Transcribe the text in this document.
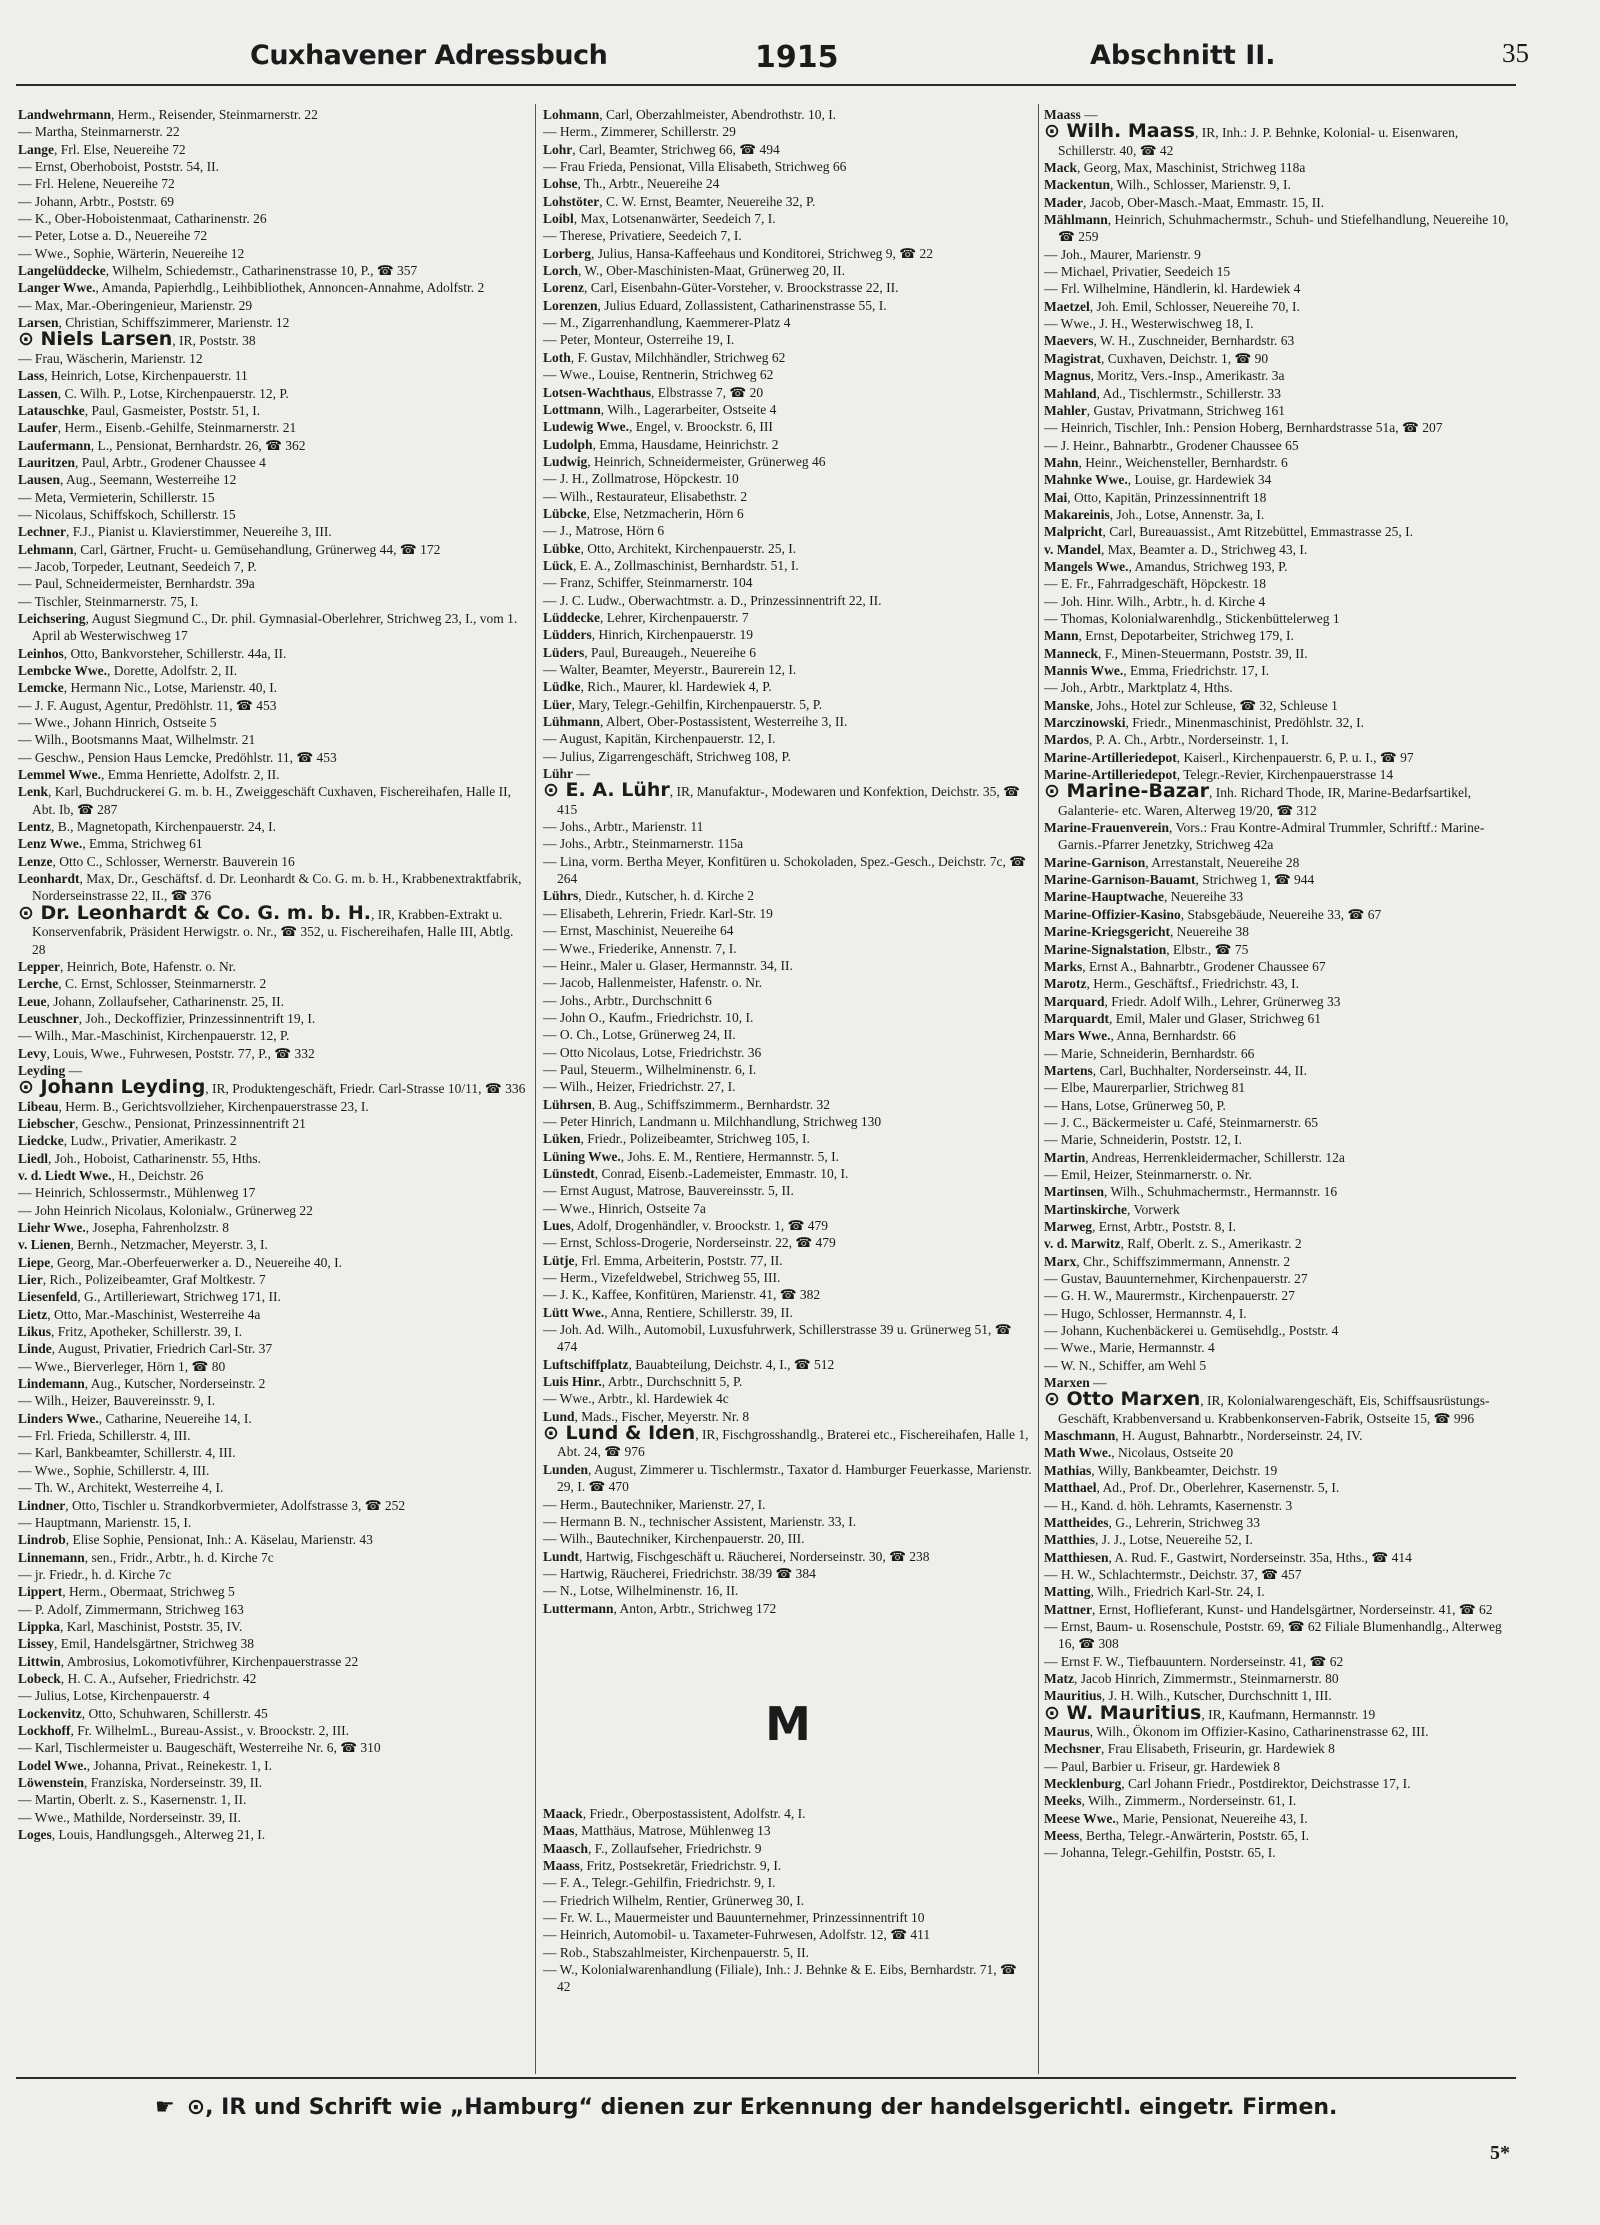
Cuxhavener Adressbuch	1915	Abschnitt II.	35

Landwehrmann, Herm., Reisender, Steinmarnerstr. 22

— Martha, Steinmarnerstr. 22

Lange, Frl. Else, Neuereihe 72

— Ernst, Oberhoboist, Poststr. 54, II.

— Frl. Helene, Neuereihe 72

— Johann, Arbtr., Poststr. 69

— K., Ober-Hoboistenmaat, Catharinenstr. 26

— Peter, Lotse a. D., Neuereihe 72

— Wwe., Sophie, Wärterin, Neuereihe 12

Langelüddecke, Wilhelm, Schiedemstr., Catharinenstrasse 10, P., ☎ 357

Langer Wwe., Amanda, Papierhdlg., Leihbibliothek, Annoncen-Annahme, Adolfstr. 2

— Max, Mar.-Oberingenieur, Marienstr. 29

Larsen, Christian, Schiffszimmerer, Marienstr. 12

⊙ Niels Larsen, IR, Poststr. 38

— Frau, Wäscherin, Marienstr. 12

Lass, Heinrich, Lotse, Kirchenpauerstr. 11

Lassen, C. Wilh. P., Lotse, Kirchenpauerstr. 12, P.

Latauschke, Paul, Gasmeister, Poststr. 51, I.

Laufer, Herm., Eisenb.-Gehilfe, Steinmarnerstr. 21

Laufermann, L., Pensionat, Bernhardstr. 26, ☎ 362

Lauritzen, Paul, Arbtr., Grodener Chaussee 4

Lausen, Aug., Seemann, Westerreihe 12

— Meta, Vermieterin, Schillerstr. 15

— Nicolaus, Schiffskoch, Schillerstr. 15

Lechner, F.J., Pianist u. Klavierstimmer, Neuereihe 3, III.

Lehmann, Carl, Gärtner, Frucht- u. Gemüsehandlung, Grünerweg 44, ☎ 172

— Jacob, Torpeder, Leutnant, Seedeich 7, P.

— Paul, Schneidermeister, Bernhardstr. 39a

— Tischler, Steinmarnerstr. 75, I.

Leichsering, August Siegmund C., Dr. phil. Gymnasial-Oberlehrer, Strichweg 23, I., vom 1. April ab Westerwischweg 17

Leinhos, Otto, Bankvorsteher, Schillerstr. 44a, II.

Lembcke Wwe., Dorette, Adolfstr. 2, II.

Lemcke, Hermann Nic., Lotse, Marienstr. 40, I.

— J. F. August, Agentur, Predöhlstr. 11, ☎ 453

— Wwe., Johann Hinrich, Ostseite 5

— Wilh., Bootsmanns Maat, Wilhelmstr. 21

— Geschw., Pension Haus Lemcke, Predöhlstr. 11, ☎ 453

Lemmel Wwe., Emma Henriette, Adolfstr. 2, II.

Lenk, Karl, Buchdruckerei G. m. b. H., Zweiggeschäft Cuxhaven, Fischereihafen, Halle II, Abt. Ib, ☎ 287

Lentz, B., Magnetopath, Kirchenpauerstr. 24, I.

Lenz Wwe., Emma, Strichweg 61

Lenze, Otto C., Schlosser, Wernerstr. Bauverein 16

Leonhardt, Max, Dr., Geschäftsf. d. Dr. Leonhardt & Co. G. m. b. H., Krabbenextraktfabrik, Norderseinstrasse 22, II., ☎ 376

⊙ Dr. Leonhardt & Co. G. m. b. H., IR, Krabben-Extrakt u. Konservenfabrik, Präsident Herwigstr. o. Nr., ☎ 352, u. Fischereihafen, Halle III, Abtlg. 28

Lepper, Heinrich, Bote, Hafenstr. o. Nr.

Lerche, C. Ernst, Schlosser, Steinmarnerstr. 2

Leue, Johann, Zollaufseher, Catharinenstr. 25, II.

Leuschner, Joh., Deckoffizier, Prinzessinnentrift 19, I.

— Wilh., Mar.-Maschinist, Kirchenpauerstr. 12, P.

Levy, Louis, Wwe., Fuhrwesen, Poststr. 77, P., ☎ 332

Leyding —

⊙ Johann Leyding, IR, Produktengeschäft, Friedr. Carl-Strasse 10/11, ☎ 336

Libeau, Herm. B., Gerichtsvollzieher, Kirchenpauerstrasse 23, I.

Liebscher, Geschw., Pensionat, Prinzessinnentrift 21

Liedcke, Ludw., Privatier, Amerikastr. 2

Liedl, Joh., Hoboist, Catharinenstr. 55, Hths.

v. d. Liedt Wwe., H., Deichstr. 26

— Heinrich, Schlossermstr., Mühlenweg 17

— John Heinrich Nicolaus, Kolonialw., Grünerweg 22

Liehr Wwe., Josepha, Fahrenholzstr. 8

v. Lienen, Bernh., Netzmacher, Meyerstr. 3, I.

Liepe, Georg, Mar.-Oberfeuerwerker a. D., Neuereihe 40, I.

Lier, Rich., Polizeibeamter, Graf Moltkestr. 7

Liesenfeld, G., Artilleriewart, Strichweg 171, II.

Lietz, Otto, Mar.-Maschinist, Westerreihe 4a

Likus, Fritz, Apotheker, Schillerstr. 39, I.

Linde, August, Privatier, Friedrich Carl-Str. 37

— Wwe., Bierverleger, Hörn 1, ☎ 80

Lindemann, Aug., Kutscher, Norderseinstr. 2

— Wilh., Heizer, Bauvereinsstr. 9, I.

Linders Wwe., Catharine, Neuereihe 14, I.

— Frl. Frieda, Schillerstr. 4, III.

— Karl, Bankbeamter, Schillerstr. 4, III.

— Wwe., Sophie, Schillerstr. 4, III.

— Th. W., Architekt, Westerreihe 4, I.

Lindner, Otto, Tischler u. Strandkorbvermieter, Adolfstrasse 3, ☎ 252

— Hauptmann, Marienstr. 15, I.

Lindrob, Elise Sophie, Pensionat, Inh.: A. Käselau, Marienstr. 43

Linnemann, sen., Fridr., Arbtr., h. d. Kirche 7c

— jr. Friedr., h. d. Kirche 7c

Lippert, Herm., Obermaat, Strichweg 5

— P. Adolf, Zimmermann, Strichweg 163

Lippka, Karl, Maschinist, Poststr. 35, IV.

Lissey, Emil, Handelsgärtner, Strichweg 38

Littwin, Ambrosius, Lokomotivführer, Kirchenpauerstrasse 22

Lobeck, H. C. A., Aufseher, Friedrichstr. 42

— Julius, Lotse, Kirchenpauerstr. 4

Lockenvitz, Otto, Schuhwaren, Schillerstr. 45

Lockhoff, Fr. WilhelmL., Bureau-Assist., v. Broockstr. 2, III.

— Karl, Tischlermeister u. Baugeschäft, Westerreihe Nr. 6, ☎ 310

Lodel Wwe., Johanna, Privat., Reinekestr. 1, I.

Löwenstein, Franziska, Norderseinstr. 39, II.

— Martin, Oberlt. z. S., Kasernenstr. 1, II.

— Wwe., Mathilde, Norderseinstr. 39, II.

Loges, Louis, Handlungsgeh., Alterweg 21, I.

Lohmann, Carl, Oberzahlmeister, Abendrothstr. 10, I.

— Herm., Zimmerer, Schillerstr. 29

Lohr, Carl, Beamter, Strichweg 66, ☎ 494

— Frau Frieda, Pensionat, Villa Elisabeth, Strichweg 66

Lohse, Th., Arbtr., Neuereihe 24

Lohstöter, C. W. Ernst, Beamter, Neuereihe 32, P.

Loibl, Max, Lotsenanwärter, Seedeich 7, I.

— Therese, Privatiere, Seedeich 7, I.

Lorberg, Julius, Hansa-Kaffeehaus und Konditorei, Strichweg 9, ☎ 22

Lorch, W., Ober-Maschinisten-Maat, Grünerweg 20, II.

Lorenz, Carl, Eisenbahn-Güter-Vorsteher, v. Broockstrasse 22, II.

Lorenzen, Julius Eduard, Zollassistent, Catharinenstrasse 55, I.

— M., Zigarrenhandlung, Kaemmerer-Platz 4

— Peter, Monteur, Osterreihe 19, I.

Loth, F. Gustav, Milchhändler, Strichweg 62

— Wwe., Louise, Rentnerin, Strichweg 62

Lotsen-Wachthaus, Elbstrasse 7, ☎ 20

Lottmann, Wilh., Lagerarbeiter, Ostseite 4

Ludewig Wwe., Engel, v. Broockstr. 6, III

Ludolph, Emma, Hausdame, Heinrichstr. 2

Ludwig, Heinrich, Schneidermeister, Grünerweg 46

— J. H., Zollmatrose, Höpckestr. 10

— Wilh., Restaurateur, Elisabethstr. 2

Lübcke, Else, Netzmacherin, Hörn 6

— J., Matrose, Hörn 6

Lübke, Otto, Architekt, Kirchenpauerstr. 25, I.

Lück, E. A., Zollmaschinist, Bernhardstr. 51, I.

— Franz, Schiffer, Steinmarnerstr. 104

— J. C. Ludw., Oberwachtmstr. a. D., Prinzessinnentrift 22, II.

Lüddecke, Lehrer, Kirchenpauerstr. 7

Lüdders, Hinrich, Kirchenpauerstr. 19

Lüders, Paul, Bureaugeh., Neuereihe 6

— Walter, Beamter, Meyerstr., Baurerein 12, I.

Lüdke, Rich., Maurer, kl. Hardewiek 4, P.

Lüer, Mary, Telegr.-Gehilfin, Kirchenpauerstr. 5, P.

Lühmann, Albert, Ober-Postassistent, Westerreihe 3, II.

— August, Kapitän, Kirchenpauerstr. 12, I.

— Julius, Zigarrengeschäft, Strichweg 108, P.

Lühr —

⊙ E. A. Lühr, IR, Manufaktur-, Modewaren und Konfektion, Deichstr. 35, ☎ 415

— Johs., Arbtr., Marienstr. 11

— Johs., Arbtr., Steinmarnerstr. 115a

— Lina, vorm. Bertha Meyer, Konfitüren u. Schokoladen, Spez.-Gesch., Deichstr. 7c, ☎ 264

Lührs, Diedr., Kutscher, h. d. Kirche 2

— Elisabeth, Lehrerin, Friedr. Karl-Str. 19

— Ernst, Maschinist, Neuereihe 64

— Wwe., Friederike, Annenstr. 7, I.

— Heinr., Maler u. Glaser, Hermannstr. 34, II.

— Jacob, Hallenmeister, Hafenstr. o. Nr.

— Johs., Arbtr., Durchschnitt 6

— John O., Kaufm., Friedrichstr. 10, I.

— O. Ch., Lotse, Grünerweg 24, II.

— Otto Nicolaus, Lotse, Friedrichstr. 36

— Paul, Steuerm., Wilhelminenstr. 6, I.

— Wilh., Heizer, Friedrichstr. 27, I.

Lührsen, B. Aug., Schiffszimmerm., Bernhardstr. 32

— Peter Hinrich, Landmann u. Milchhandlung, Strichweg 130

Lüken, Friedr., Polizeibeamter, Strichweg 105, I.

Lüning Wwe., Johs. E. M., Rentiere, Hermannstr. 5, I.

Lünstedt, Conrad, Eisenb.-Lademeister, Emmastr. 10, I.

— Ernst August, Matrose, Bauvereinsstr. 5, II.

— Wwe., Hinrich, Ostseite 7a

Lues, Adolf, Drogenhändler, v. Broockstr. 1, ☎ 479

— Ernst, Schloss-Drogerie, Norderseinstr. 22, ☎ 479

Lütje, Frl. Emma, Arbeiterin, Poststr. 77, II.

— Herm., Vizefeldwebel, Strichweg 55, III.

— J. K., Kaffee, Konfitüren, Marienstr. 41, ☎ 382

Lütt Wwe., Anna, Rentiere, Schillerstr. 39, II.

— Joh. Ad. Wilh., Automobil, Luxusfuhrwerk, Schillerstrasse 39 u. Grünerweg 51, ☎ 474

Luftschiffplatz, Bauabteilung, Deichstr. 4, I., ☎ 512

Luis Hinr., Arbtr., Durchschnitt 5, P.

— Wwe., Arbtr., kl. Hardewiek 4c

Lund, Mads., Fischer, Meyerstr. Nr. 8

⊙ Lund & Iden, IR, Fischgrosshandlg., Braterei etc., Fischereihafen, Halle 1, Abt. 24, ☎ 976

Lunden, August, Zimmerer u. Tischlermstr., Taxator d. Hamburger Feuerkasse, Marienstr. 29, I. ☎ 470

— Herm., Bautechniker, Marienstr. 27, I.

— Hermann B. N., technischer Assistent, Marienstr. 33, I.

— Wilh., Bautechniker, Kirchenpauerstr. 20, III.

Lundt, Hartwig, Fischgeschäft u. Räucherei, Norderseinstr. 30, ☎ 238

— Hartwig, Räucherei, Friedrichstr. 38/39 ☎ 384

— N., Lotse, Wilhelminenstr. 16, II.

Luttermann, Anton, Arbtr., Strichweg 172

M

Maack, Friedr., Oberpostassistent, Adolfstr. 4, I.

Maas, Matthäus, Matrose, Mühlenweg 13

Maasch, F., Zollaufseher, Friedrichstr. 9

Maass, Fritz, Postsekretär, Friedrichstr. 9, I.

— F. A., Telegr.-Gehilfin, Friedrichstr. 9, I.

— Friedrich Wilhelm, Rentier, Grünerweg 30, I.

— Fr. W. L., Mauermeister und Bauunternehmer, Prinzessinnentrift 10

— Heinrich, Automobil- u. Taxameter-Fuhrwesen, Adolfstr. 12, ☎ 411

— Rob., Stabszahlmeister, Kirchenpauerstr. 5, II.

— W., Kolonialwarenhandlung (Filiale), Inh.: J. Behnke & E. Eibs, Bernhardstr. 71, ☎ 42

Maass —

⊙ Wilh. Maass, IR, Inh.: J. P. Behnke, Kolonial- u. Eisenwaren, Schillerstr. 40, ☎ 42

Mack, Georg, Max, Maschinist, Strichweg 118a

Mackentun, Wilh., Schlosser, Marienstr. 9, I.

Mader, Jacob, Ober-Masch.-Maat, Emmastr. 15, II.

Mählmann, Heinrich, Schuhmachermstr., Schuh- und Stiefelhandlung, Neuereihe 10, ☎ 259

— Joh., Maurer, Marienstr. 9

— Michael, Privatier, Seedeich 15

— Frl. Wilhelmine, Händlerin, kl. Hardewiek 4

Maetzel, Joh. Emil, Schlosser, Neuereihe 70, I.

— Wwe., J. H., Westerwischweg 18, I.

Maevers, W. H., Zuschneider, Bernhardstr. 63

Magistrat, Cuxhaven, Deichstr. 1, ☎ 90

Magnus, Moritz, Vers.-Insp., Amerikastr. 3a

Mahland, Ad., Tischlermstr., Schillerstr. 33

Mahler, Gustav, Privatmann, Strichweg 161

— Heinrich, Tischler, Inh.: Pension Hoberg, Bernhardstrasse 51a, ☎ 207

— J. Heinr., Bahnarbtr., Grodener Chaussee 65

Mahn, Heinr., Weichensteller, Bernhardstr. 6

Mahnke Wwe., Louise, gr. Hardewiek 34

Mai, Otto, Kapitän, Prinzessinnentrift 18

Makareinis, Joh., Lotse, Annenstr. 3a, I.

Malpricht, Carl, Bureauassist., Amt Ritzebüttel, Emmastrasse 25, I.

v. Mandel, Max, Beamter a. D., Strichweg 43, I.

Mangels Wwe., Amandus, Strichweg 193, P.

— E. Fr., Fahrradgeschäft, Höpckestr. 18

— Joh. Hinr. Wilh., Arbtr., h. d. Kirche 4

— Thomas, Kolonialwarenhdlg., Stickenbüttelerweg 1

Mann, Ernst, Depotarbeiter, Strichweg 179, I.

Manneck, F., Minen-Steuermann, Poststr. 39, II.

Mannis Wwe., Emma, Friedrichstr. 17, I.

— Joh., Arbtr., Marktplatz 4, Hths.

Manske, Johs., Hotel zur Schleuse, ☎ 32, Schleuse 1

Marczinowski, Friedr., Minenmaschinist, Predöhlstr. 32, I.

Mardos, P. A. Ch., Arbtr., Norderseinstr. 1, I.

Marine-Artilleriedepot, Kaiserl., Kirchenpauerstr. 6, P. u. I., ☎ 97

Marine-Artilleriedepot, Telegr.-Revier, Kirchenpauerstrasse 14

⊙ Marine-Bazar, Inh. Richard Thode, IR, Marine-Bedarfsartikel, Galanterie- etc. Waren, Alterweg 19/20, ☎ 312

Marine-Frauenverein, Vors.: Frau Kontre-Admiral Trummler, Schriftf.: Marine-Garnis.-Pfarrer Jenetzky, Strichweg 42a

Marine-Garnison, Arrestanstalt, Neuereihe 28

Marine-Garnison-Bauamt, Strichweg 1, ☎ 944

Marine-Hauptwache, Neuereihe 33

Marine-Offizier-Kasino, Stabsgebäude, Neuereihe 33, ☎ 67

Marine-Kriegsgericht, Neuereihe 38

Marine-Signalstation, Elbstr., ☎ 75

Marks, Ernst A., Bahnarbtr., Grodener Chaussee 67

Marotz, Herm., Geschäftsf., Friedrichstr. 43, I.

Marquard, Friedr. Adolf Wilh., Lehrer, Grünerweg 33

Marquardt, Emil, Maler und Glaser, Strichweg 61

Mars Wwe., Anna, Bernhardstr. 66

— Marie, Schneiderin, Bernhardstr. 66

Martens, Carl, Buchhalter, Norderseinstr. 44, II.

— Elbe, Maurerparlier, Strichweg 81

— Hans, Lotse, Grünerweg 50, P.

— J. C., Bäckermeister u. Café, Steinmarnerstr. 65

— Marie, Schneiderin, Poststr. 12, I.

Martin, Andreas, Herrenkleidermacher, Schillerstr. 12a

— Emil, Heizer, Steinmarnerstr. o. Nr.

Martinsen, Wilh., Schuhmachermstr., Hermannstr. 16

Martinskirche, Vorwerk

Marweg, Ernst, Arbtr., Poststr. 8, I.

v. d. Marwitz, Ralf, Oberlt. z. S., Amerikastr. 2

Marx, Chr., Schiffszimmermann, Annenstr. 2

— Gustav, Bauunternehmer, Kirchenpauerstr. 27

— G. H. W., Maurermstr., Kirchenpauerstr. 27

— Hugo, Schlosser, Hermannstr. 4, I.

— Johann, Kuchenbäckerei u. Gemüsehdlg., Poststr. 4

— Wwe., Marie, Hermannstr. 4

— W. N., Schiffer, am Wehl 5

Marxen —

⊙ Otto Marxen, IR, Kolonialwarengeschäft, Eis, Schiffsausrüstungs-Geschäft, Krabbenversand u. Krabbenkonserven-Fabrik, Ostseite 15, ☎ 996

Maschmann, H. August, Bahnarbtr., Norderseinstr. 24, IV.

Math Wwe., Nicolaus, Ostseite 20

Mathias, Willy, Bankbeamter, Deichstr. 19

Matthael, Ad., Prof. Dr., Oberlehrer, Kasernenstr. 5, I.

— H., Kand. d. höh. Lehramts, Kasernenstr. 3

Mattheides, G., Lehrerin, Strichweg 33

Matthies, J. J., Lotse, Neuereihe 52, I.

Matthiesen, A. Rud. F., Gastwirt, Norderseinstr. 35a, Hths., ☎ 414

— H. W., Schlachtermstr., Deichstr. 37, ☎ 457

Matting, Wilh., Friedrich Karl-Str. 24, I.

Mattner, Ernst, Hoflieferant, Kunst- und Handelsgärtner, Norderseinstr. 41, ☎ 62

— Ernst, Baum- u. Rosenschule, Poststr. 69, ☎ 62 Filiale Blumenhandlg., Alterweg 16, ☎ 308

— Ernst F. W., Tiefbauuntern. Norderseinstr. 41, ☎ 62

Matz, Jacob Hinrich, Zimmermstr., Steinmarnerstr. 80

Mauritius, J. H. Wilh., Kutscher, Durchschnitt 1, III.

⊙ W. Mauritius, IR, Kaufmann, Hermannstr. 19

Maurus, Wilh., Ökonom im Offizier-Kasino, Catharinenstrasse 62, III.

Mechsner, Frau Elisabeth, Friseurin, gr. Hardewiek 8

— Paul, Barbier u. Friseur, gr. Hardewiek 8

Mecklenburg, Carl Johann Friedr., Postdirektor, Deichstrasse 17, I.

Meeks, Wilh., Zimmerm., Norderseinstr. 61, I.

Meese Wwe., Marie, Pensionat, Neuereihe 43, I.

Meess, Bertha, Telegr.-Anwärterin, Poststr. 65, I.

— Johanna, Telegr.-Gehilfin, Poststr. 65, I.

☛ ⊙, IR und Schrift wie „Hamburg“ dienen zur Erkennung der handelsgerichtl. eingetr. Firmen.
5*
